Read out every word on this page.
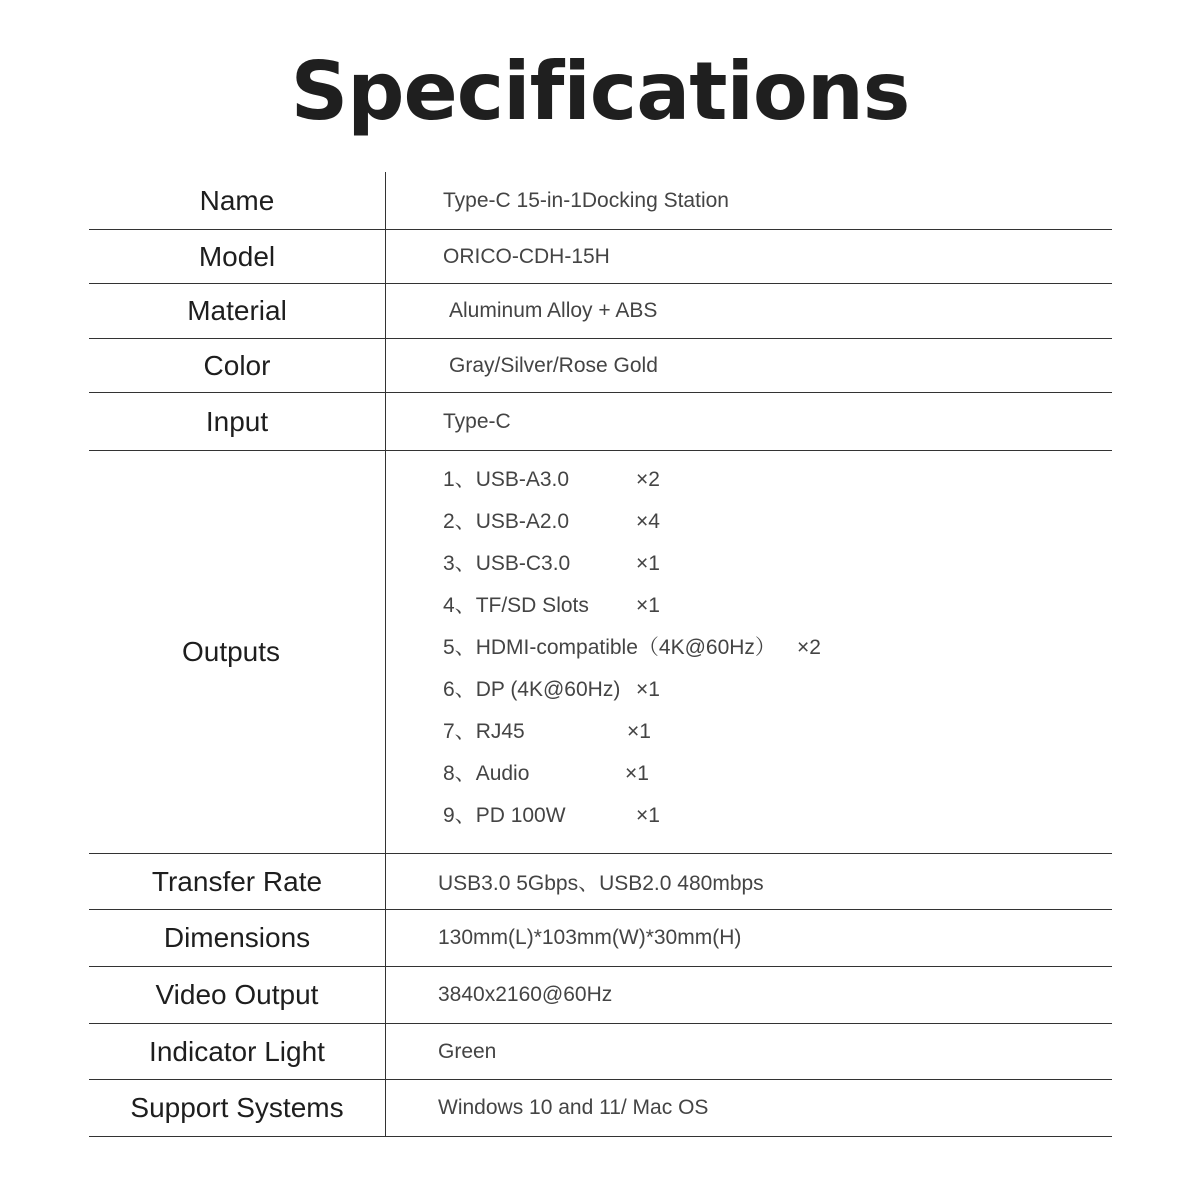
Specifications
Name	Type-C 15-in-1Docking Station
Model	ORICO-CDH-15H
Material	Aluminum Alloy + ABS
Color	Gray/Silver/Rose Gold
Input	Type-C
Outputs
1、USB-A3.0	×2
2、USB-A2.0	×4
3、USB-C3.0	×1
4、TF/SD Slots ×1
5、HDMI-compatible（4K@60Hz） ×2
6、DP (4K@60Hz) ×1
7、RJ45	×1
8、Audio	×1
9、PD 100W	×1
Transfer Rate	USB3.0 5Gbps、USB2.0 480mbps
Dimensions	130mm(L)*103mm(W)*30mm(H)
Video Output	3840x2160@60Hz
Indicator Light	Green
Support Systems	Windows 10 and 11/ Mac OS
